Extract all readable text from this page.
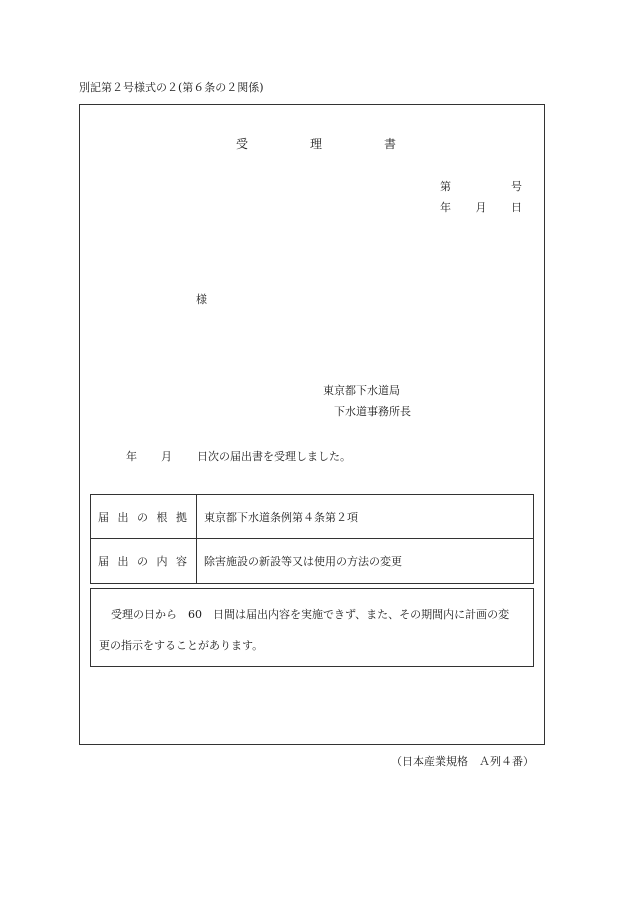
別記第２号様式の２(第６条の２関係)
受	理	書
第	号
年 月 日
様
東京都下水道局
下水道事務所長
年 月 日次の届出書を受理しました。
届 出 の 根 拠	東京都下水道条例第４条第２項
届 出 の 内 容	除害施設の新設等又は使用の方法の変更
受理の日から　60　日間は届出内容を実施できず、また、その期間内に計画の変
更の指示をすることがあります。
（日本産業規格　Ａ列４番）
